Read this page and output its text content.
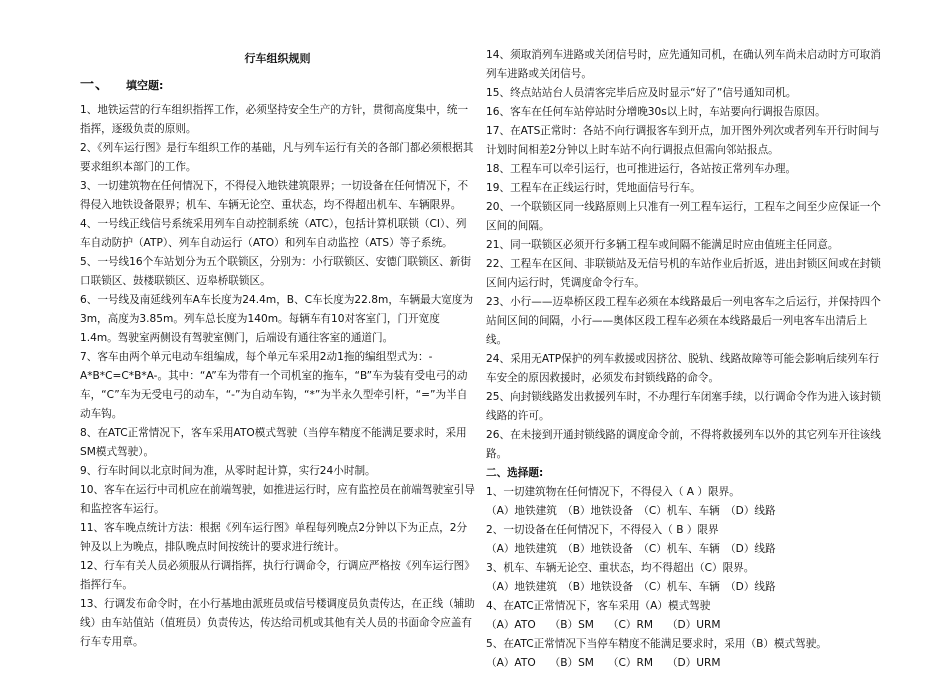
行车组织规则
一、 填空题:

1、地铁运营的行车组织指挥工作，必须坚持安全生产的方针，贯彻高度集中，统一指挥，逐级负责的原则。

2、《列车运行图》是行车组织工作的基础，凡与列车运行有关的各部门都必须根据其要求组织本部门的工作。

3、一切建筑物在任何情况下，不得侵入地铁建筑限界；一切设备在任何情况下，不得侵入地铁设备限界；机车、车辆无论空、重状态，均不得超出机车、车辆限界。

4、一号线正线信号系统采用列车自动控制系统（ATC），包括计算机联锁（CI）、列车自动防护（ATP）、列车自动运行（ATO）和列车自动监控（ATS）等子系统。

5、一号线16个车站划分为五个联锁区，分别为：小行联锁区、安德门联锁区、新街口联锁区、鼓楼联锁区、迈皋桥联锁区。

6、一号线及南延线列车A车长度为24.4m，B、C车长度为22.8m，车辆最大宽度为3m，高度为3.85m。列车总长度为140m。每辆车有10对客室门，门开宽度1.4m。驾驶室两侧设有驾驶室侧门，后端设有通往客室的通道门。

7、客车由两个单元电动车组编成，每个单元车采用2动1拖的编组型式为：-A*B*C=C*B*A-。其中：“A”车为带有一个司机室的拖车，“B”车为装有受电弓的动车，“C”车为无受电弓的动车，“-”为自动车钩，“*”为半永久型牵引杆，“=”为半自动车钩。

8、在ATC正常情况下，客车采用ATO模式驾驶（当停车精度不能满足要求时，采用SM模式驾驶）。

9、行车时间以北京时间为准，从零时起计算，实行24小时制。

10、客车在运行中司机应在前端驾驶，如推进运行时，应有监控员在前端驾驶室引导和监控客车运行。

11、客车晚点统计方法：根据《列车运行图》单程每列晚点2分钟以下为正点，2分钟及以上为晚点，排队晚点时间按统计的要求进行统计。

12、行车有关人员必须服从行调指挥，执行行调命令，行调应严格按《列车运行图》指挥行车。

13、行调发布命令时，在小行基地由派班员或信号楼调度员负责传达，在正线（辅助线）由车站值站（值班员）负责传达，传达给司机或其他有关人员的书面命令应盖有行车专用章。

14、须取消列车进路或关闭信号时，应先通知司机，在确认列车尚未启动时方可取消列车进路或关闭信号。

15、终点站站台人员清客完毕后应及时显示“好了”信号通知司机。

16、客车在任何车站停站时分增晚30s以上时，车站要向行调报告原因。

17、在ATS正常时：各站不向行调报客车到开点，加开图外列次或者列车开行时间与计划时间相差2分钟以上时车站不向行调报点但需向邻站报点。

18、工程车可以牵引运行，也可推进运行，各站按正常列车办理。

19、工程车在正线运行时，凭地面信号行车。

20、一个联锁区同一线路原则上只准有一列工程车运行，工程车之间至少应保证一个区间的间隔。

21、同一联锁区必须开行多辆工程车或间隔不能满足时应由值班主任同意。

22、工程车在区间、非联锁站及无信号机的车站作业后折返，进出封锁区间或在封锁区间内运行时，凭调度命令行车。

23、小行——迈皋桥区段工程车必须在本线路最后一列电客车之后运行，并保持四个站间区间的间隔，小行——奥体区段工程车必须在本线路最后一列电客车出清后上线。

24、采用无ATP保护的列车救援或因挤岔、脱轨、线路故障等可能会影响后续列车行车安全的原因救援时，必须发布封锁线路的命令。

25、向封锁线路发出救援列车时，不办理行车闭塞手续，以行调命令作为进入该封锁线路的许可。

26、在未接到开通封锁线路的调度命令前，不得将救援列车以外的其它列车开往该线路。

二、选择题:

1、一切建筑物在任何情况下，不得侵入（ A ）限界。

（A）地铁建筑　（B）地铁设备　（C）机车、车辆　（D）线路

2、一切设备在任何情况下，不得侵入（ B ）限界

（A）地铁建筑　（B）地铁设备　（C）机车、车辆　（D）线路

3、机车、车辆无论空、重状态，均不得超出（C）限界。

（A）地铁建筑　（B）地铁设备　（C）机车、车辆　（D）线路

4、在ATC正常情况下，客车采用（A）模式驾驶

（A）ATO　 （B）SM　 （C）RM　 （D）URM

5、在ATC正常情况下当停车精度不能满足要求时，采用（B）模式驾驶。

（A）ATO　 （B）SM　 （C）RM　 （D）URM
